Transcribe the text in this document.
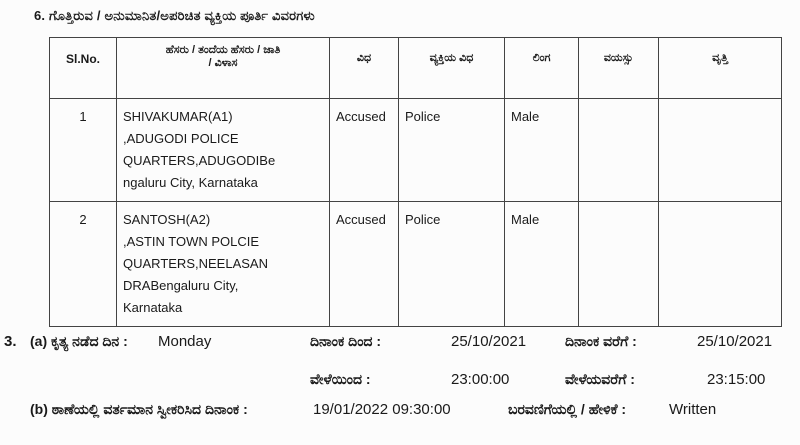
6. ಗೊತ್ತಿರುವ / ಅನುಮಾನಿತ/ಅಪರಿಚಿತ ವ್ಯಕ್ತಿಯ ಪೂರ್ತಿ ವಿವರಗಳು
Sl.No.	ಹೆಸರು / ತಂದೆಯ ಹೆಸರು / ಜಾತಿ
/ ವಿಳಾಸ	ವಿಧ	ವ್ಯಕ್ತಿಯ ವಿಧ	ಲಿಂಗ	ವಯಸ್ಸು	ವೃತ್ತಿ
1	SHIVAKUMAR(A1)
,ADUGODI POLICE
QUARTERS,ADUGODIBe
ngaluru City, Karnataka	Accused	Police	Male		
2	SANTOSH(A2)
,ASTIN TOWN POLCIE
QUARTERS,NEELASAN
DRABengaluru City,
Karnataka	Accused	Police	Male		
3. (a) ಕೃತ್ಯ ನಡೆದ ದಿನ : Monday	ದಿನಾಂಕ ದಿಂದ :	25/10/2021	ದಿನಾಂಕ ವರೆಗೆ :	25/10/2021
ವೇಳೆಯಿಂದ :	23:00:00	ವೇಳೆಯವರೆಗೆ :	23:15:00
(b) ಠಾಣೆಯಲ್ಲಿ ವರ್ತಮಾನ ಸ್ವೀಕರಿಸಿದ ದಿನಾಂಕ :	19/01/2022 09:30:00	ಬರವಣಿಗೆಯಲ್ಲಿ / ಹೇಳಿಕೆ :	Written
